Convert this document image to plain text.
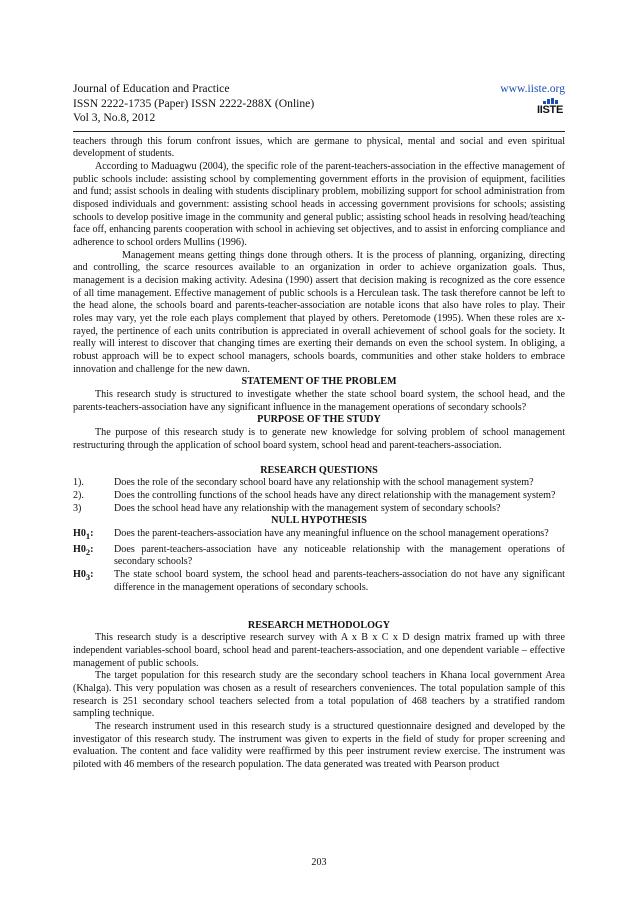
Journal of Education and Practice
ISSN 2222-1735 (Paper) ISSN 2222-288X (Online)
Vol 3, No.8, 2012
www.iiste.org
IISTE

teachers through this forum confront issues, which are germane to physical, mental and social and even spiritual development of students.

According to Maduagwu (2004), the specific role of the parent-teachers-association in the effective management of public schools include: assisting school by complementing government efforts in the provision of equipment, facilities and fund; assist schools in dealing with students disciplinary problem, mobilizing support for school administration from disposed individuals and government: assisting school heads in accessing government provisions for schools; assisting schools to develop positive image in the community and general public; assisting school heads in resolving head/teaching face off, enhancing parents cooperation with school in achieving set objectives, and to assist in enforcing compliance and adherence to school orders Mullins (1996).

Management means getting things done through others. It is the process of planning, organizing, directing and controlling, the scarce resources available to an organization in order to achieve organization goals. Thus, management is a decision making activity. Adesina (1990) assert that decision making is recognized as the core essence of all time management. Effective management of public schools is a Herculean task. The task therefore cannot be left to the head alone, the schools board and parents-teacher-association are notable icons that also have roles to play. Their roles may vary, yet the role each plays complement that played by others. Peretomode (1995). When these roles are x-rayed, the pertinence of each units contribution is appreciated in overall achievement of school goals for the society. It really will interest to discover that changing times are exerting their demands on even the school system. In obliging, a robust approach will be to expect school managers, schools boards, communities and other stake holders to embrace innovation and challenge for the new dawn.

STATEMENT OF THE PROBLEM

This research study is structured to investigate whether the state school board system, the school head, and the parents-teachers-association have any significant influence in the management operations of secondary schools?

PURPOSE OF THE STUDY

The purpose of this research study is to generate new knowledge for solving problem of school management restructuring through the application of school board system, school head and parent-teachers-association.

RESEARCH QUESTIONS

1).	Does the role of the secondary school board have any relationship with the school management system?
2).	Does the controlling functions of the school heads have any direct relationship with the management system?
3)	Does the school head have any relationship with the management system of secondary schools?

NULL HYPOTHESIS

$H0_1$:	Does the parent-teachers-association have any meaningful influence on the school management operations?
$H0_2$:	Does parent-teachers-association have any noticeable relationship with the management operations of secondary schools?
$H0_3$:	The state school board system, the school head and parents-teachers-association do not have any significant difference in the management operations of secondary schools.

RESEARCH METHODOLOGY

This research study is a descriptive research survey with A x B x C x D design matrix framed up with three independent variables-school board, school head and parent-teachers-association, and one dependent variable – effective management of public schools.

The target population for this research study are the secondary school teachers in Khana local government Area (Khalga). This very population was chosen as a result of researchers conveniences. The total population sample of this research is 251 secondary school teachers selected from a total population of 468 teachers by a stratified random sampling technique.

The research instrument used in this research study is a structured questionnaire designed and developed by the investigator of this research study. The instrument was given to experts in the field of study for proper screening and evaluation. The content and face validity were reaffirmed by this peer instrument review exercise. The instrument was piloted with 46 members of the research population. The data generated was treated with Pearson product

203
